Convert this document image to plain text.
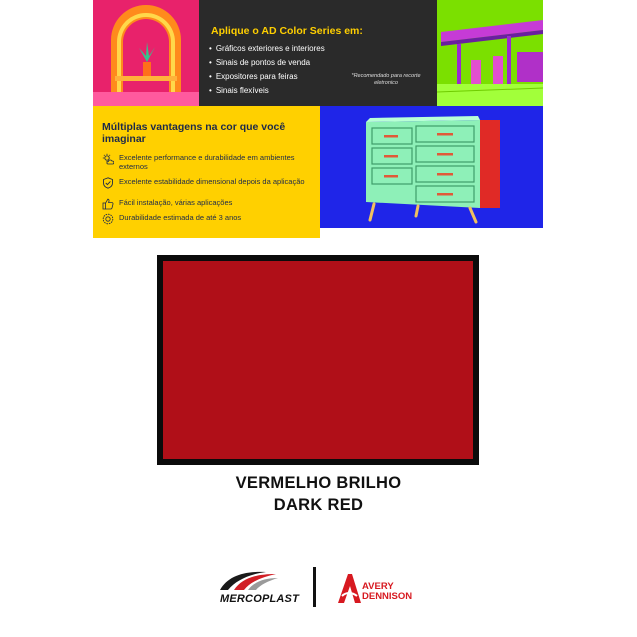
Aplique o AD Color Series em:
• Gráficos exteriores e interiores
• Sinais de pontos de venda
• Expositores para feiras
• Sinais flexíveis
*Recomendado para recorte eletronico
Múltiplas vantagens na cor que você imaginar
Excelente performance e durabilidade em ambientes externos
Excelente estabilidade dimensional depois da aplicação
Fácil instalação, várias aplicações
Durabilidade estimada de até 3 anos
VERMELHO BRILHO
DARK RED
MERCOPLAST
AVERY
DENNISON
